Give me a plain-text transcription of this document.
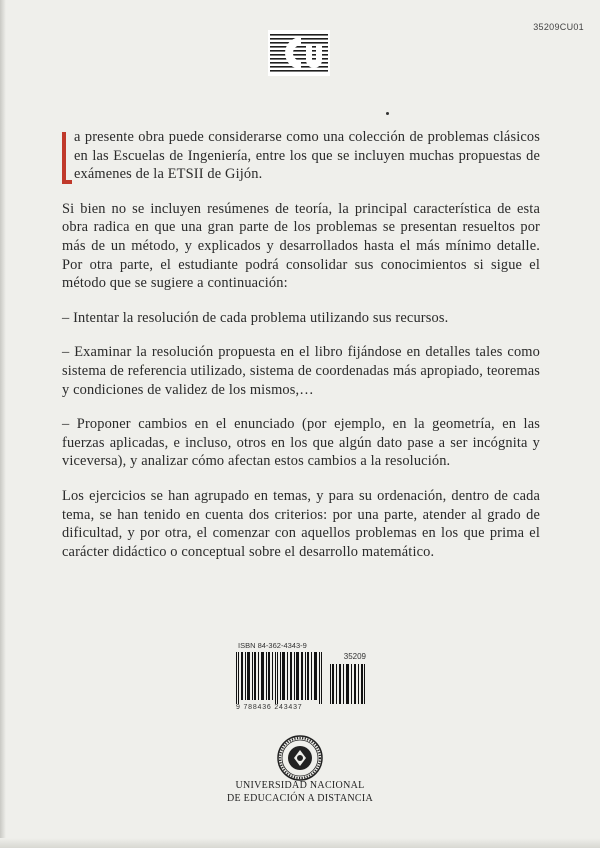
35209CU01

a presente obra puede considerarse como una colección de problemas clásicos en las Escuelas de Ingeniería, entre los que se incluyen muchas propuestas de exámenes de la ETSII de Gijón.

Si bien no se incluyen resúmenes de teoría, la principal característica de esta obra radica en que una gran parte de los problemas se presentan resueltos por más de un método, y explicados y desarrollados hasta el más mínimo detalle. Por otra parte, el estudiante podrá consolidar sus conocimientos si sigue el método que se sugiere a continuación:

– Intentar la resolución de cada problema utilizando sus recursos.

– Examinar la resolución propuesta en el libro fijándose en detalles tales como sistema de referencia utilizado, sistema de coordenadas más apropiado, teoremas y condiciones de validez de los mismos,…

– Proponer cambios en el enunciado (por ejemplo, en la geometría, en las fuerzas aplicadas, e incluso, otros en los que algún dato pase a ser incógnita y viceversa), y analizar cómo afectan estos cambios a la resolución.

Los ejercicios se han agrupado en temas, y para su ordenación, dentro de cada tema, se han tenido en cuenta dos criterios: por una parte, atender al grado de dificultad, y por otra, el comenzar con aquellos problemas en los que prima el carácter didáctico o conceptual sobre el desarrollo matemático.

ISBN 84-362-4343-9
35209
9 788436 243437
UNIVERSIDAD NACIONAL
DE EDUCACIÓN A DISTANCIA
